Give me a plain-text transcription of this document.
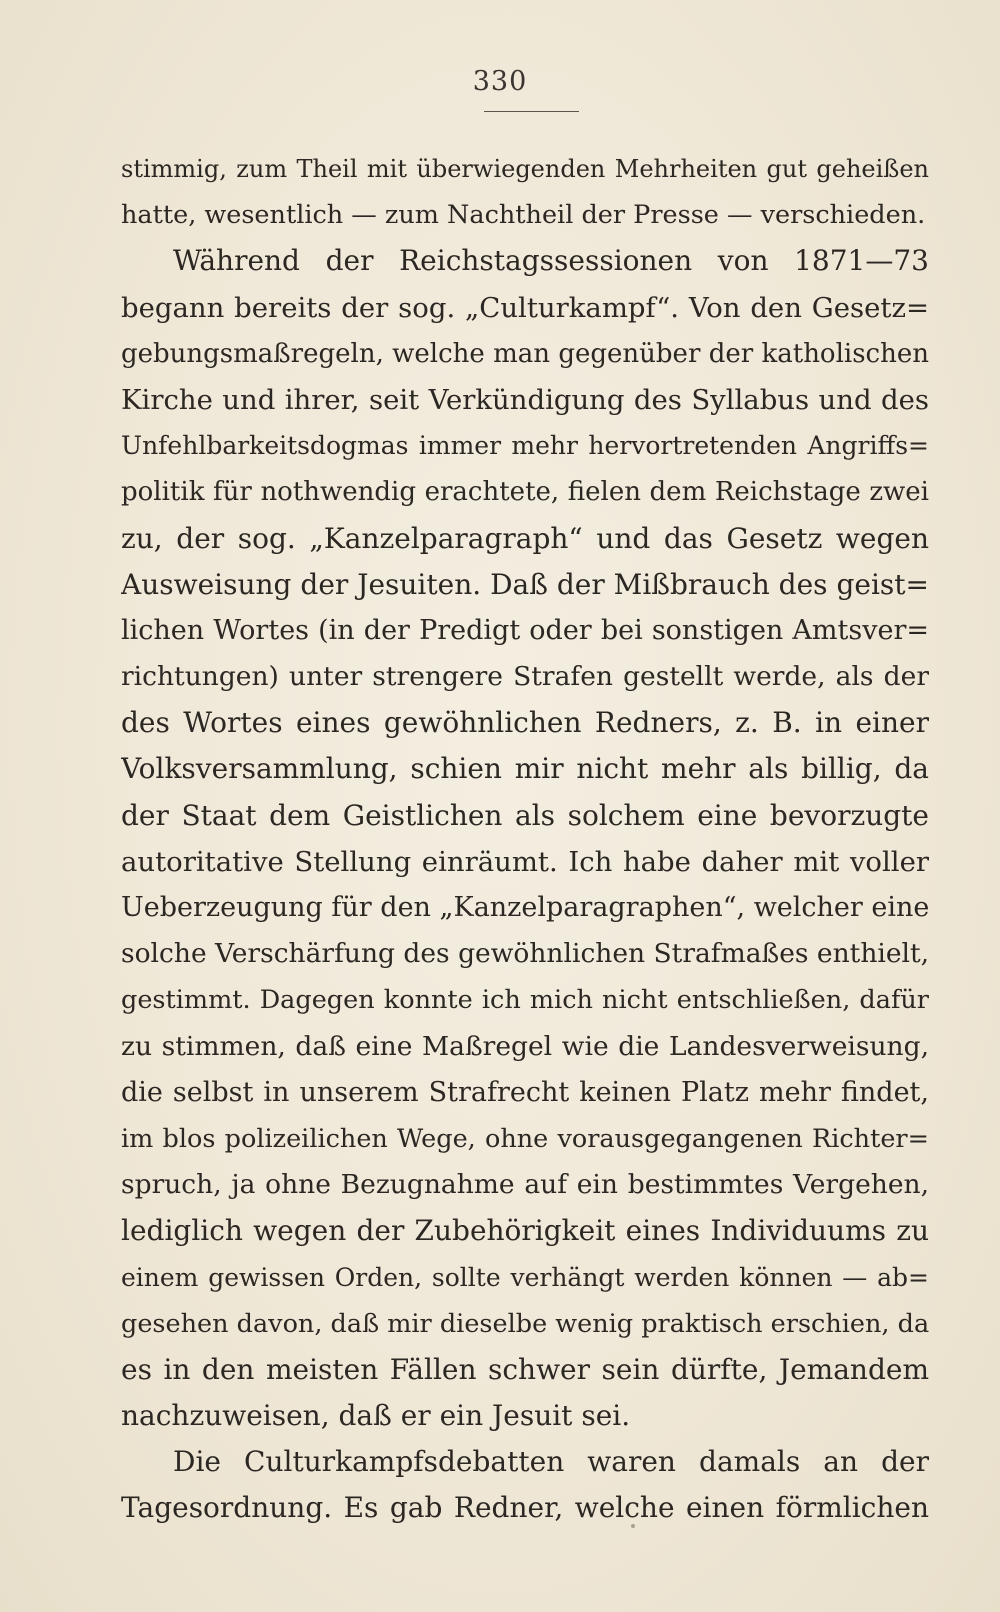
330
stimmig, zum Theil mit überwiegenden Mehrheiten gut geheißen
hatte, wesentlich — zum Nachtheil der Presse — verschieden.
Während der Reichstagssessionen von 1871—73
begann bereits der sog. „Culturkampf“. Von den Gesetz=
gebungsmaßregeln, welche man gegenüber der katholischen
Kirche und ihrer, seit Verkündigung des Syllabus und des
Unfehlbarkeitsdogmas immer mehr hervortretenden Angriffs=
politik für nothwendig erachtete, fielen dem Reichstage zwei
zu, der sog. „Kanzelparagraph“ und das Gesetz wegen
Ausweisung der Jesuiten. Daß der Mißbrauch des geist=
lichen Wortes (in der Predigt oder bei sonstigen Amtsver=
richtungen) unter strengere Strafen gestellt werde, als der
des Wortes eines gewöhnlichen Redners, z. B. in einer
Volksversammlung, schien mir nicht mehr als billig, da
der Staat dem Geistlichen als solchem eine bevorzugte
autoritative Stellung einräumt. Ich habe daher mit voller
Ueberzeugung für den „Kanzelparagraphen“, welcher eine
solche Verschärfung des gewöhnlichen Strafmaßes enthielt,
gestimmt. Dagegen konnte ich mich nicht entschließen, dafür
zu stimmen, daß eine Maßregel wie die Landesverweisung,
die selbst in unserem Strafrecht keinen Platz mehr findet,
im blos polizeilichen Wege, ohne vorausgegangenen Richter=
spruch, ja ohne Bezugnahme auf ein bestimmtes Vergehen,
lediglich wegen der Zubehörigkeit eines Individuums zu
einem gewissen Orden, sollte verhängt werden können — ab=
gesehen davon, daß mir dieselbe wenig praktisch erschien, da
es in den meisten Fällen schwer sein dürfte, Jemandem
nachzuweisen, daß er ein Jesuit sei.
Die Culturkampfsdebatten waren damals an der
Tagesordnung. Es gab Redner, welche einen förmlichen
